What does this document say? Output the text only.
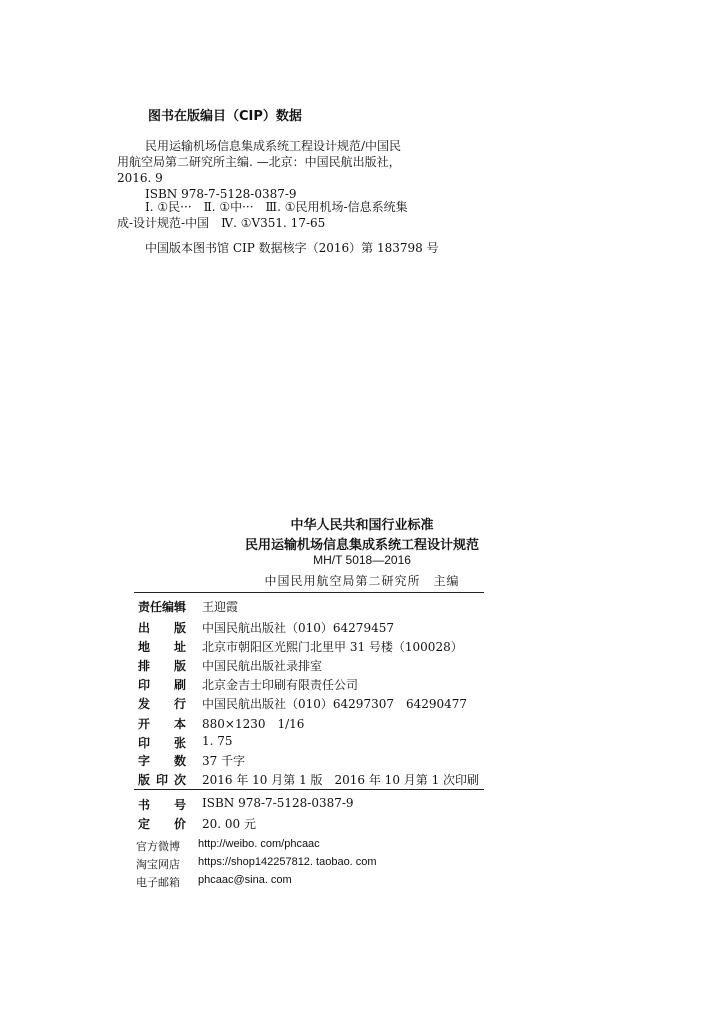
图书在版编目（CIP）数据
民用运输机场信息集成系统工程设计规范/中国民
用航空局第二研究所主编. —北京：中国民航出版社，
2016. 9
ISBN 978-7-5128-0387-9
Ⅰ. ①民···　Ⅱ. ①中···　Ⅲ. ①民用机场-信息系统集
成-设计规范-中国　Ⅳ. ①V351. 17-65
中国版本图书馆 CIP 数据核字（2016）第 183798 号
中华人民共和国行业标准
民用运输机场信息集成系统工程设计规范
MH/T 5018—2016
中国民用航空局第二研究所　主编
责 任 编 辑	王迎霞
出 版	中国民航出版社（010）64279457
地 址	北京市朝阳区光熙门北里甲 31 号楼（100028）
排 版	中国民航出版社录排室
印 刷	北京金吉士印刷有限责任公司
发 行	中国民航出版社（010）64297307　64290477
开 本	880×1230　1/16
印 张	1. 75
字 数	37 千字
版 印 次	2016 年 10 月第 1 版　2016 年 10 月第 1 次印刷
书 号	ISBN 978-7-5128-0387-9
定 价	20. 00 元
官方微博	http://weibo. com/phcaac
淘宝网店	https://shop142257812. taobao. com
电子邮箱	phcaac@sina. com
